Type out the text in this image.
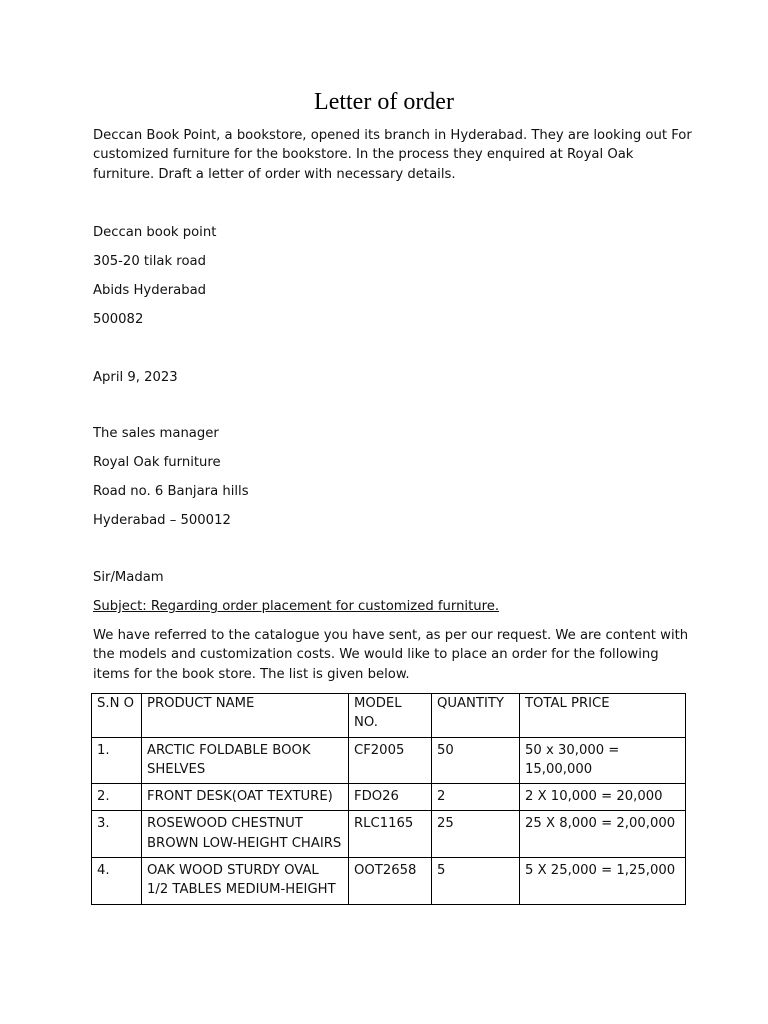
Letter of order
Deccan Book Point, a bookstore, opened its branch in Hyderabad. They are looking out For customized furniture for the bookstore. In the process they enquired at Royal Oak furniture. Draft a letter of order with necessary details.
Deccan book point
305-20 tilak road
Abids Hyderabad
500082
April 9, 2023
The sales manager
Royal Oak furniture
Road no. 6 Banjara hills
Hyderabad – 500012
Sir/Madam
Subject: Regarding order placement for customized furniture.
We have referred to the catalogue you have sent, as per our request. We are content with the models and customization costs. We would like to place an order for the following items for the book store. The list is given below.
S.N O	PRODUCT NAME	MODEL NO.	QUANTITY	TOTAL PRICE
1.	ARCTIC FOLDABLE BOOK SHELVES	CF2005	50	50 x 30,000 = 15,00,000
2.	FRONT DESK(OAT TEXTURE)	FDO26	2	2 X 10,000 = 20,000
3.	ROSEWOOD CHESTNUT BROWN LOW-HEIGHT CHAIRS	RLC1165	25	25 X 8,000 = 2,00,000
4.	OAK WOOD STURDY OVAL 1/2 TABLES MEDIUM-HEIGHT	OOT2658	5	5 X 25,000 = 1,25,000
